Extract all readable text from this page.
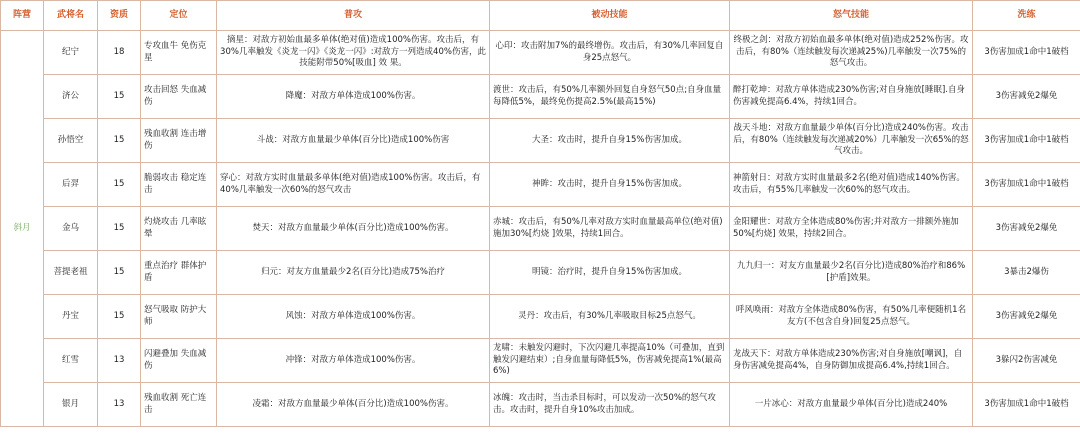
阵营	武将名	资质	定位	普攻	被动技能	怒气技能	洗练
斜月	纪宁	18	专攻血牛 免伤克星	摘星：对敌方初始血最多单体(绝对值)造成100%伤害。攻击后，有30%几率触发《炎龙一闪》《炎龙一闪》:对敌方一列造成40%伤害，此技能附带50%[吸血] 效 果。	心印：攻击附加7%的最终增伤。攻击后，有30%几率回复自身25点怒气。	终极之剑：对敌方初始血最多单体(绝对值)造成252%伤害。攻击后，有80%（连续触发每次递减25%)几率触发一次75%的怒气攻击。	3伤害加成1命中1破档
	济公	15	攻击回怒 失血减伤	降魔：对敌方单体造成100%伤害。	渡世：攻击后，有50%几率额外回复自身怒气50点;自身血量每降低5%，最终免伤提高2.5%(最高15%)	醉打乾坤：对敌方单体造成230%伤害;对自身施放[睡眠].自身伤害减免提高6.4%，持续1回合。	3伤害减免2爆免
	孙悟空	15	残血收割 连击增伤	斗战：对敌方血量最少单体(百分比)造成100%伤害	大圣：攻击时，提升自身15%伤害加成。	战天斗地：对敌方血量最少单体(百分比)造成240%伤害。攻击后，有80%（连续触发每次递减20%）几率触发一次65%的怒气攻击。	3伤害加成1命中1破档
	后羿	15	脆弱攻击 稳定连击	穿心：对敌方实时血量最多单体(绝对值)造成100%伤害。攻击后，有40%几率触发一次60%的怒气攻击	神眸：攻击时，提升自身15%伤害加成。	神箭射日：对敌方实时血量最多2名(绝对值)造成140%伤害。攻击后，有55%几率触发一次60%的怒气攻击。	3伤害加成1命中1破档
	金乌	15	灼烧攻击 几率眩晕	焚天：对敌方血量最少单体(百分比)造成100%伤害。	赤城：攻击后，有50%几率对敌方实时血量最高单位(绝对值)施加30%[灼烧 ]效果，持续1回合。	金阳耀世：对敌方全体造成80%伤害;并对敌方一排额外施加50%[灼烧] 效果，持续2回合。	3伤害减免2爆免
	菩提老祖	15	重点治疗 群体护盾	归元：对友方血量最少2名(百分比)造成75%治疗	明镜：治疗时，提升自身15%伤害加成。	九九归一：对友方血量最少2名(百分比)造成80%治疗和86% [护盾]效果。	3暴击2爆伤
	丹宝	15	怒气吸取 防护大师	风蚀：对敌方单体造成100%伤害。	灵丹：攻击后，有30%几率吸取目标25点怒气。	呼风唤雨：对敌方全体造成80%伤害，有50%几率便随机1名友方(不包含自身)回复25点怒气。	3伤害减免2爆免
	红雪	13	闪避叠加 失血减伤	冲锋：对敌方单体造成100%伤害。	龙啸：未触发闪避时，下次闪避几率提高10%（可叠加，直到触发闪避结束）;自身血量每降低5%，伤害减免提高1%(最高6%)	龙战天下：对敌方单体造成230%伤害;对自身施放[嘲讽]，自身伤害减免提高4%，自身防御加成提高6.4%,持续1回合。	3躲闪2伤害减免
	银月	13	残血收割 死亡连击	凌霜：对敌方血量最少单体(百分比)造成100%伤害。	冰魄：攻击时，当击杀目标时，可以发动一次50%的怒气攻击。攻击时，提升自身10%攻击加成。	一片冰心：对敌方血量最少单体(百分比)造成240%	3伤害加成1命中1破档
